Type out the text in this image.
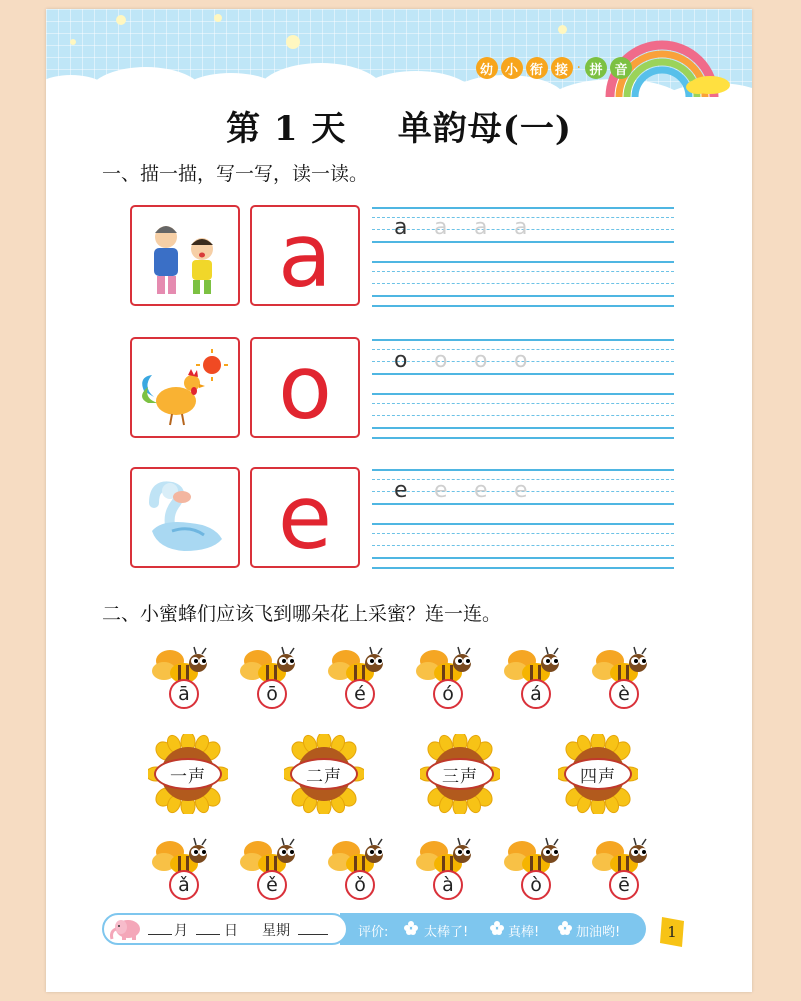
幼 小 衔 接 · 拼 音
第 1 天    单韵母(一)
一、描一描，写一写，读一读。
a	a a a a
o	o o o o
e	e e e e
二、小蜜蜂们应该飞到哪朵花上采蜜？连一连。
ā	ō	é	ó	á	è
一声	二声	三声	四声
ǎ	ě	ǒ	à	ò	ē
月	日 星期	评价:	太棒了!	真棒!	加油哟!	1
